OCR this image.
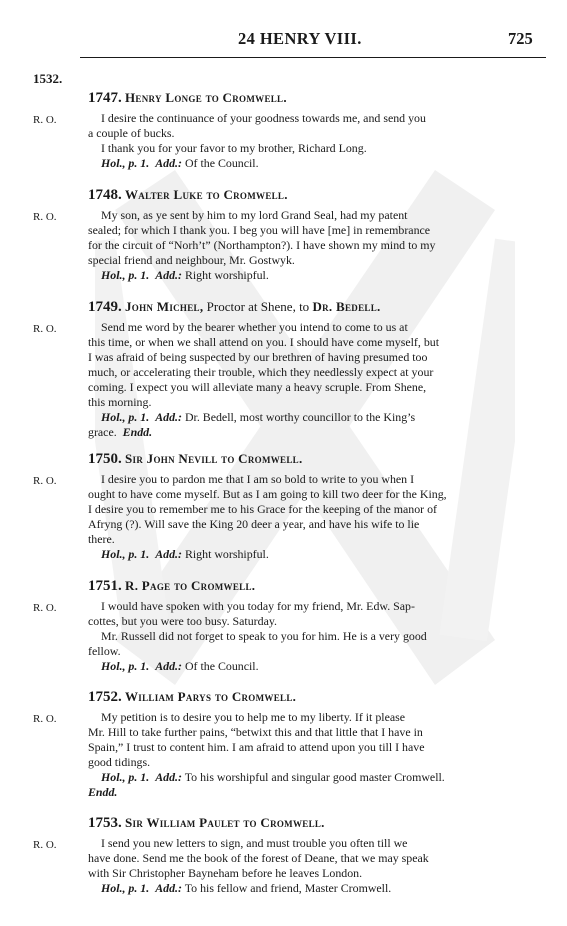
24 HENRY VIII.	725
1532.
R. O.
1747. Henry Longe to Cromwell.
I desire the continuance of your goodness towards me, and send you
a couple of bucks.
I thank you for your favor to my brother, Richard Long.
Hol., p. 1. Add.: Of the Council.
R. O.
1748. Walter Luke to Cromwell.
My son, as ye sent by him to my lord Grand Seal, had my patent
sealed; for which I thank you. I beg you will have [me] in remembrance
for the circuit of “Norh’t” (Northampton?). I have shown my mind to my
special friend and neighbour, Mr. Gostwyk.
Hol., p. 1. Add.: Right worshipful.
R. O.
1749. John Michel, Proctor at Shene, to Dr. Bedell.
Send me word by the bearer whether you intend to come to us at
this time, or when we shall attend on you. I should have come myself, but
I was afraid of being suspected by our brethren of having presumed too
much, or accelerating their trouble, which they needlessly expect at your
coming. I expect you will alleviate many a heavy scruple. From Shene,
this morning.
Hol., p. 1. Add.: Dr. Bedell, most worthy councillor to the King’s
grace. Endd.
R. O.
1750. Sir John Nevill to Cromwell.
I desire you to pardon me that I am so bold to write to you when I
ought to have come myself. But as I am going to kill two deer for the King,
I desire you to remember me to his Grace for the keeping of the manor of
Afryng (?). Will save the King 20 deer a year, and have his wife to lie
there.
Hol., p. 1. Add.: Right worshipful.
R. O.
1751. R. Page to Cromwell.
I would have spoken with you today for my friend, Mr. Edw. Sap-
cottes, but you were too busy. Saturday.
Mr. Russell did not forget to speak to you for him. He is a very good
fellow.
Hol., p. 1. Add.: Of the Council.
R. O.
1752. William Parys to Cromwell.
My petition is to desire you to help me to my liberty. If it please
Mr. Hill to take further pains, “betwixt this and that little that I have in
Spain,” I trust to content him. I am afraid to attend upon you till I have
good tidings.
Hol., p. 1. Add.: To his worshipful and singular good master Cromwell.
Endd.
R. O.
1753. Sir William Paulet to Cromwell.
I send you new letters to sign, and must trouble you often till we
have done. Send me the book of the forest of Deane, that we may speak
with Sir Christopher Bayneham before he leaves London.
Hol., p. 1. Add.: To his fellow and friend, Master Cromwell.
